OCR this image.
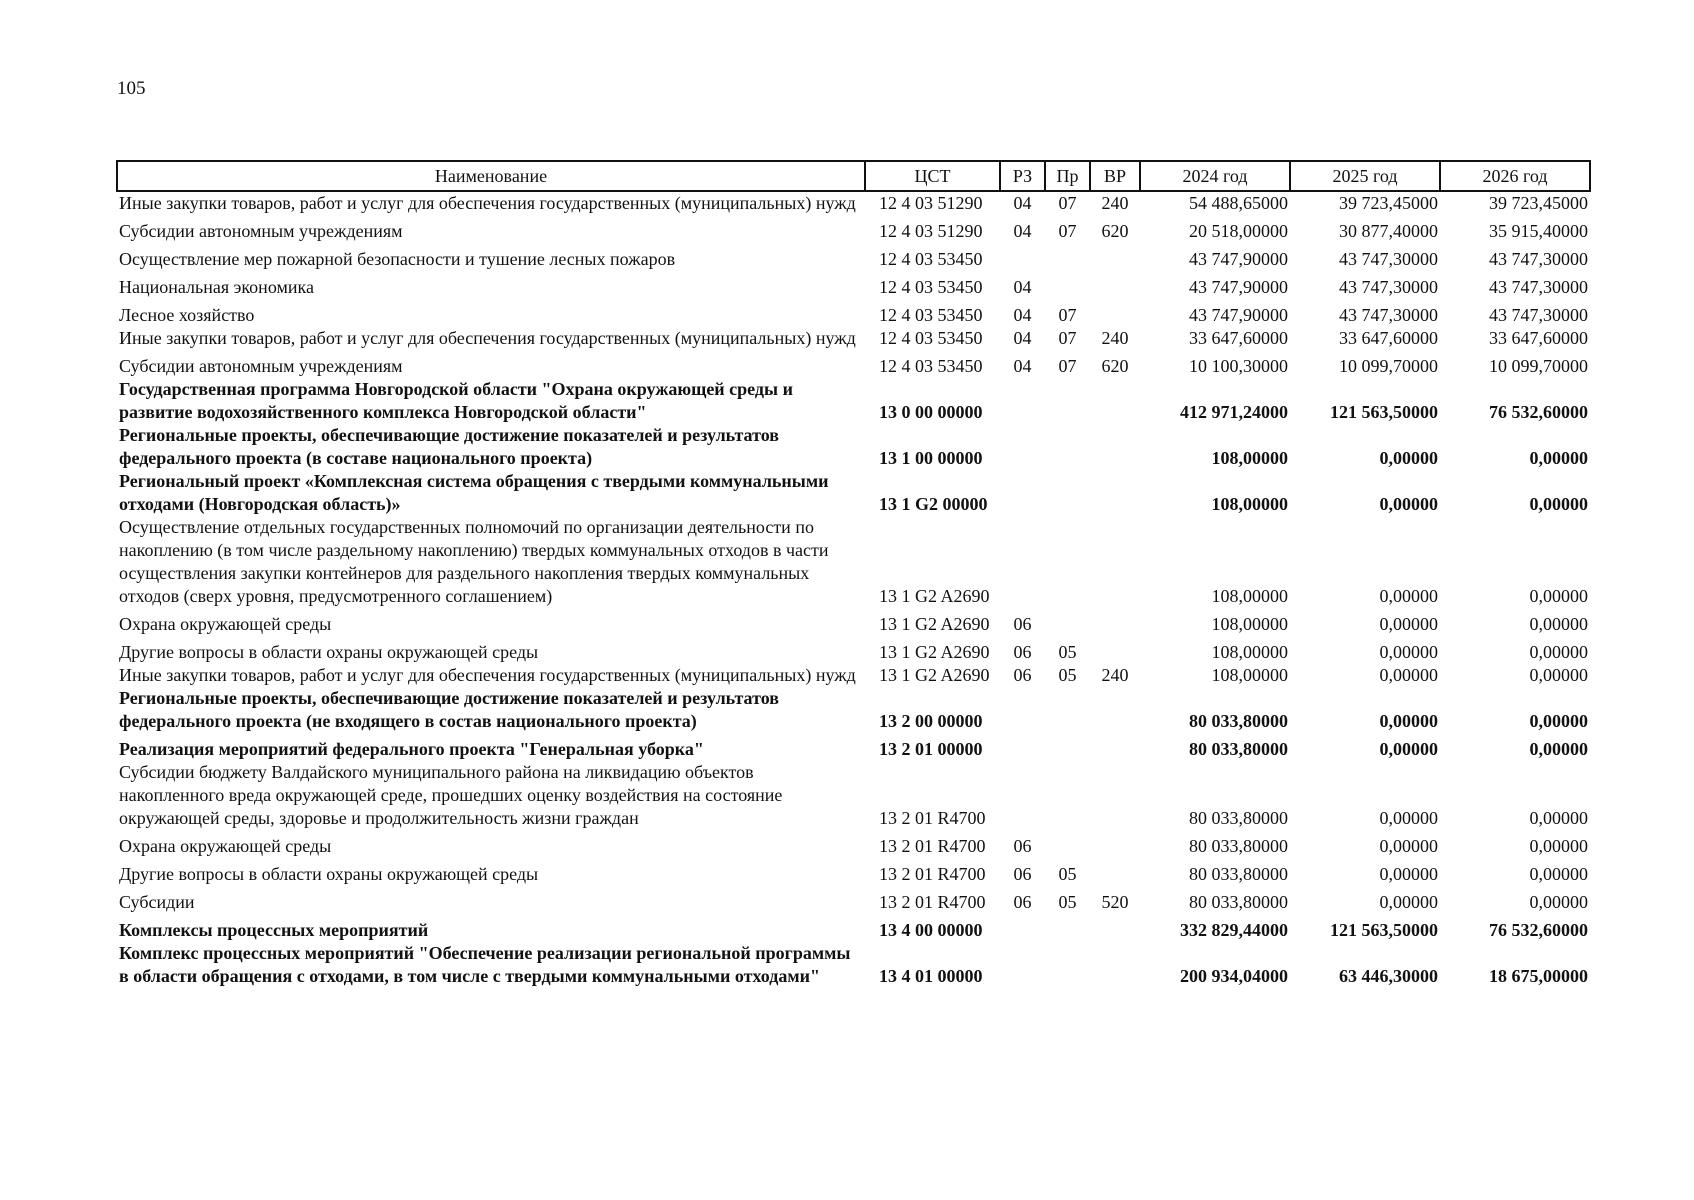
105
Наименование	ЦСТ	РЗ	Пр	ВР	2024 год	2025 год	2026 год
Иные закупки товаров, работ и услуг для обеспечения государственных (муниципальных) нужд	12 4 03 51290	04	07	240	54 488,65000	39 723,45000	39 723,45000
Субсидии автономным учреждениям	12 4 03 51290	04	07	620	20 518,00000	30 877,40000	35 915,40000
Осуществление мер пожарной безопасности и тушение лесных пожаров	12 4 03 53450				43 747,90000	43 747,30000	43 747,30000
Национальная экономика	12 4 03 53450	04			43 747,90000	43 747,30000	43 747,30000
Лесное хозяйство	12 4 03 53450	04	07		43 747,90000	43 747,30000	43 747,30000
Иные закупки товаров, работ и услуг для обеспечения государственных (муниципальных) нужд	12 4 03 53450	04	07	240	33 647,60000	33 647,60000	33 647,60000
Субсидии автономным учреждениям	12 4 03 53450	04	07	620	10 100,30000	10 099,70000	10 099,70000
Государственная программа Новгородской области "Охрана окружающей среды и развитие водохозяйственного комплекса Новгородской области"	13 0 00 00000				412 971,24000	121 563,50000	76 532,60000
Региональные проекты, обеспечивающие достижение показателей и результатов федерального проекта (в составе национального проекта)	13 1 00 00000				108,00000	0,00000	0,00000
Региональный проект «Комплексная система обращения с твердыми коммунальными отходами (Новгородская область)»	13 1 G2 00000				108,00000	0,00000	0,00000
Осуществление отдельных государственных полномочий по организации деятельности по накоплению (в том числе раздельному накоплению) твердых коммунальных отходов в части осуществления закупки контейнеров для раздельного накопления твердых коммунальных отходов (сверх уровня, предусмотренного соглашением)	13 1 G2 A2690				108,00000	0,00000	0,00000
Охрана окружающей среды	13 1 G2 A2690	06			108,00000	0,00000	0,00000
Другие вопросы в области охраны окружающей среды	13 1 G2 A2690	06	05		108,00000	0,00000	0,00000
Иные закупки товаров, работ и услуг для обеспечения государственных (муниципальных) нужд	13 1 G2 A2690	06	05	240	108,00000	0,00000	0,00000
Региональные проекты, обеспечивающие достижение показателей и результатов федерального проекта (не входящего в состав национального проекта)	13 2 00 00000				80 033,80000	0,00000	0,00000
Реализация мероприятий федерального проекта "Генеральная уборка"	13 2 01 00000				80 033,80000	0,00000	0,00000
Субсидии бюджету Валдайского муниципального района на ликвидацию объектов накопленного вреда окружающей среде, прошедших оценку воздействия на состояние окружающей среды, здоровье и продолжительность жизни граждан	13 2 01 R4700				80 033,80000	0,00000	0,00000
Охрана окружающей среды	13 2 01 R4700	06			80 033,80000	0,00000	0,00000
Другие вопросы в области охраны окружающей среды	13 2 01 R4700	06	05		80 033,80000	0,00000	0,00000
Субсидии	13 2 01 R4700	06	05	520	80 033,80000	0,00000	0,00000
Комплексы процессных мероприятий	13 4 00 00000				332 829,44000	121 563,50000	76 532,60000
Комплекс процессных мероприятий "Обеспечение реализации региональной программы в области обращения с отходами, в том числе с твердыми коммунальными отходами"	13 4 01 00000				200 934,04000	63 446,30000	18 675,00000
